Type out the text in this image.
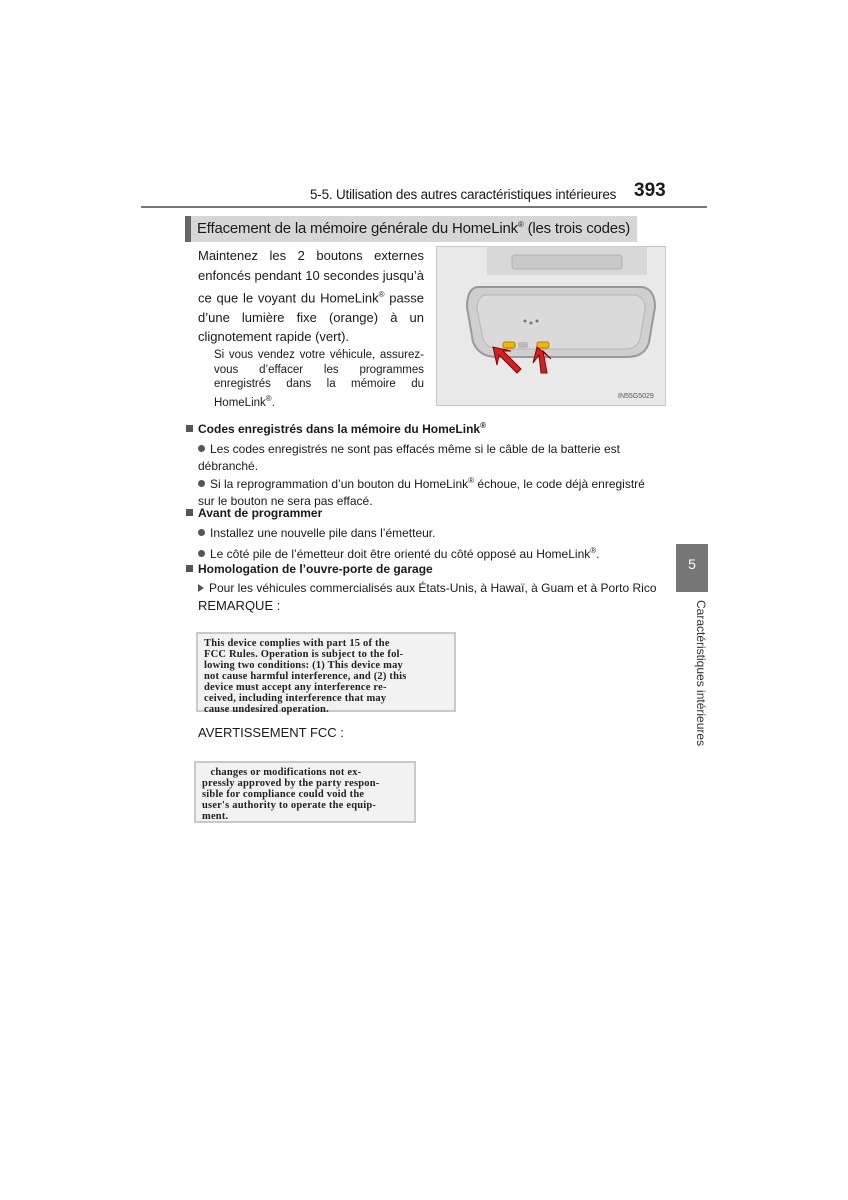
5-5. Utilisation des autres caractéristiques intérieures 393
Effacement de la mémoire générale du HomeLink® (les trois codes)
Maintenez les 2 boutons externes enfoncés pendant 10 secondes jusqu’à ce que le voyant du HomeLink® passe d’une lumière fixe (orange) à un clignotement rapide (vert).
Si vous vendez votre véhicule, assurez-vous d’effacer les programmes enregistrés dans la mémoire du HomeLink®.	IN55G5029
Codes enregistrés dans la mémoire du HomeLink®
Les codes enregistrés ne sont pas effacés même si le câble de la batterie est débranché.
Si la reprogrammation d’un bouton du HomeLink® échoue, le code déjà enregistré sur le bouton ne sera pas effacé.
Avant de programmer
Installez une nouvelle pile dans l’émetteur.
Le côté pile de l’émetteur doit être orienté du côté opposé au HomeLink®.
Homologation de l’ouvre-porte de garage
Pour les véhicules commercialisés aux États-Unis, à Hawaï, à Guam et à Porto Rico
REMARQUE :
This device complies with part 15 of the
FCC Rules. Operation is subject to the fol-
lowing two conditions: (1) This device may
not cause harmful interference, and (2) this
device must accept any interference re-
ceived, including interference that may
cause undesired operation.
AVERTISSEMENT FCC :
changes or modifications not ex-
pressly approved by the party respon-
sible for compliance could void the
user's authority to operate the equip-
ment.
5
Caractéristiques intérieures
